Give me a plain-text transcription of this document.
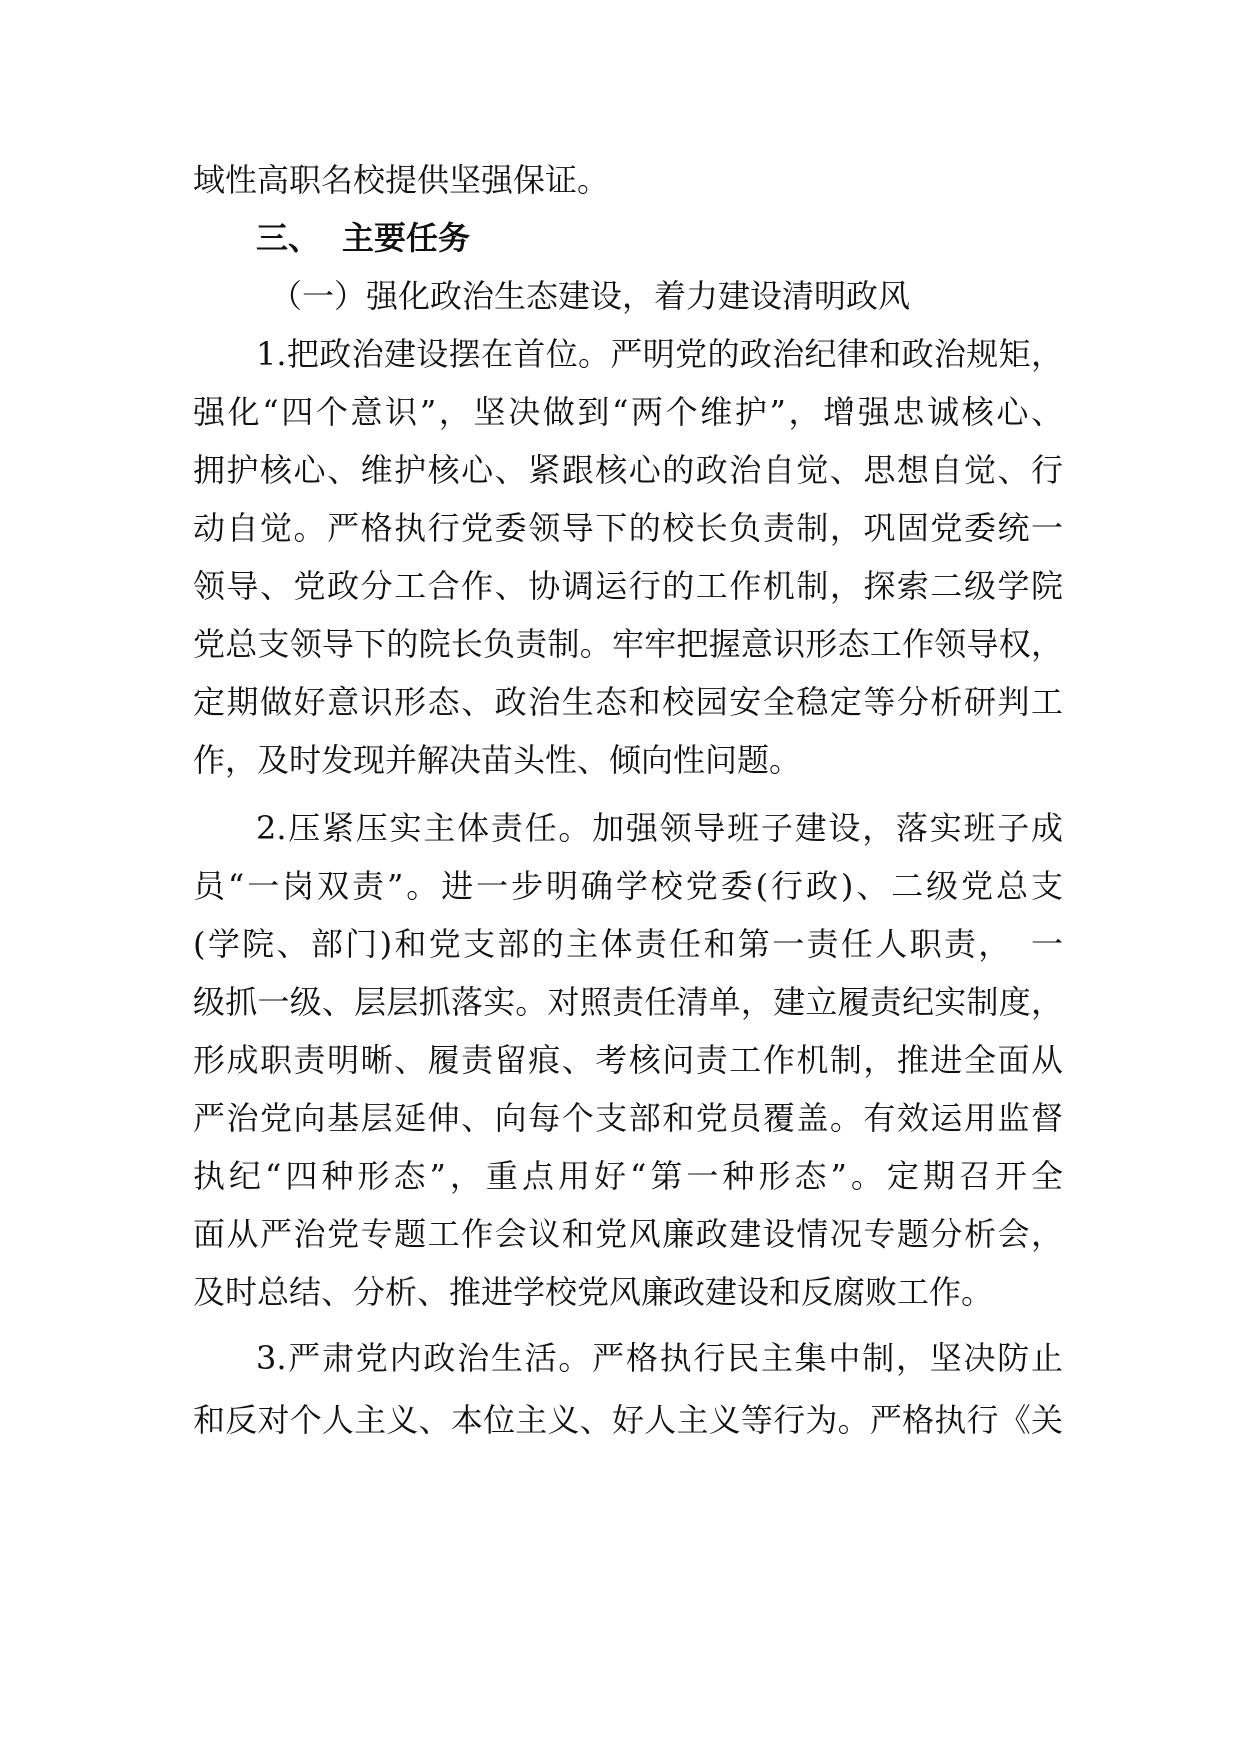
域性高职名校提供坚强保证。
三、 主要任务
（一）强化政治生态建设，着力建设清明政风
1.把政治建设摆在首位。严明党的政治纪律和政治规矩，
强化“四个意识”，坚决做到“两个维护”，增强忠诚核心、
拥护核心、维护核心、紧跟核心的政治自觉、思想自觉、行
动自觉。严格执行党委领导下的校长负责制，巩固党委统一
领导、党政分工合作、协调运行的工作机制，探索二级学院
党总支领导下的院长负责制。牢牢把握意识形态工作领导权，
定期做好意识形态、政治生态和校园安全稳定等分析研判工
作，及时发现并解决苗头性、倾向性问题。
2.压紧压实主体责任。加强领导班子建设，落实班子成
员“一岗双责”。进一步明确学校党委(行政)、二级党总支
(学院、部门)和党支部的主体责任和第一责任人职责，　一
级抓一级、层层抓落实。对照责任清单，建立履责纪实制度，
形成职责明晰、履责留痕、考核问责工作机制，推进全面从
严治党向基层延伸、向每个支部和党员覆盖。有效运用监督
执纪“四种形态”，重点用好“第一种形态”。定期召开全
面从严治党专题工作会议和党风廉政建设情况专题分析会，
及时总结、分析、推进学校党风廉政建设和反腐败工作。
3.严肃党内政治生活。严格执行民主集中制，坚决防止
和反对个人主义、本位主义、好人主义等行为。严格执行《关
